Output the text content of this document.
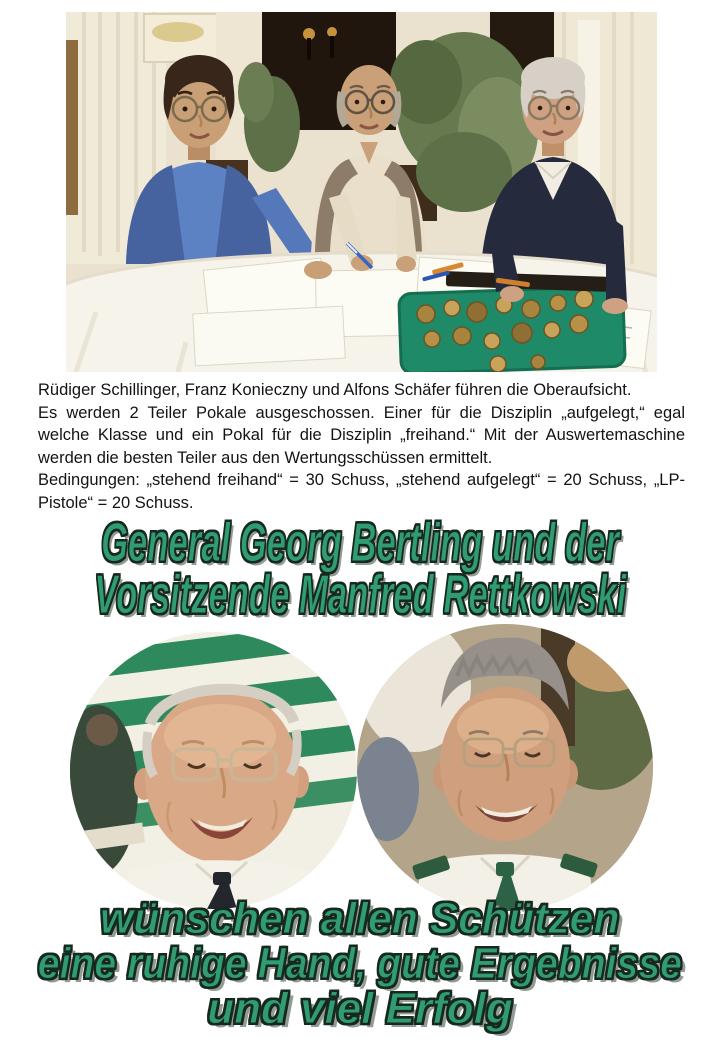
Rüdiger Schillinger, Franz Konieczny und Alfons Schäfer führen die Oberaufsicht.

Es werden 2 Teiler Pokale ausgeschossen. Einer für die Disziplin „aufgelegt,“ egal welche Klasse und ein Pokal für die Disziplin „freihand.“ Mit der Auswertemaschine werden die besten Teiler aus den Wertungsschüssen ermittelt.

Bedingungen: „stehend freihand“ = 30 Schuss, „stehend aufgelegt“ = 20 Schuss, „LP-Pistole“ = 20 Schuss.

General Georg Bertling und der
Vorsitzende Manfred Rettkowski
wünschen allen Schützen
eine ruhige Hand, gute Ergebnisse
und viel Erfolg
